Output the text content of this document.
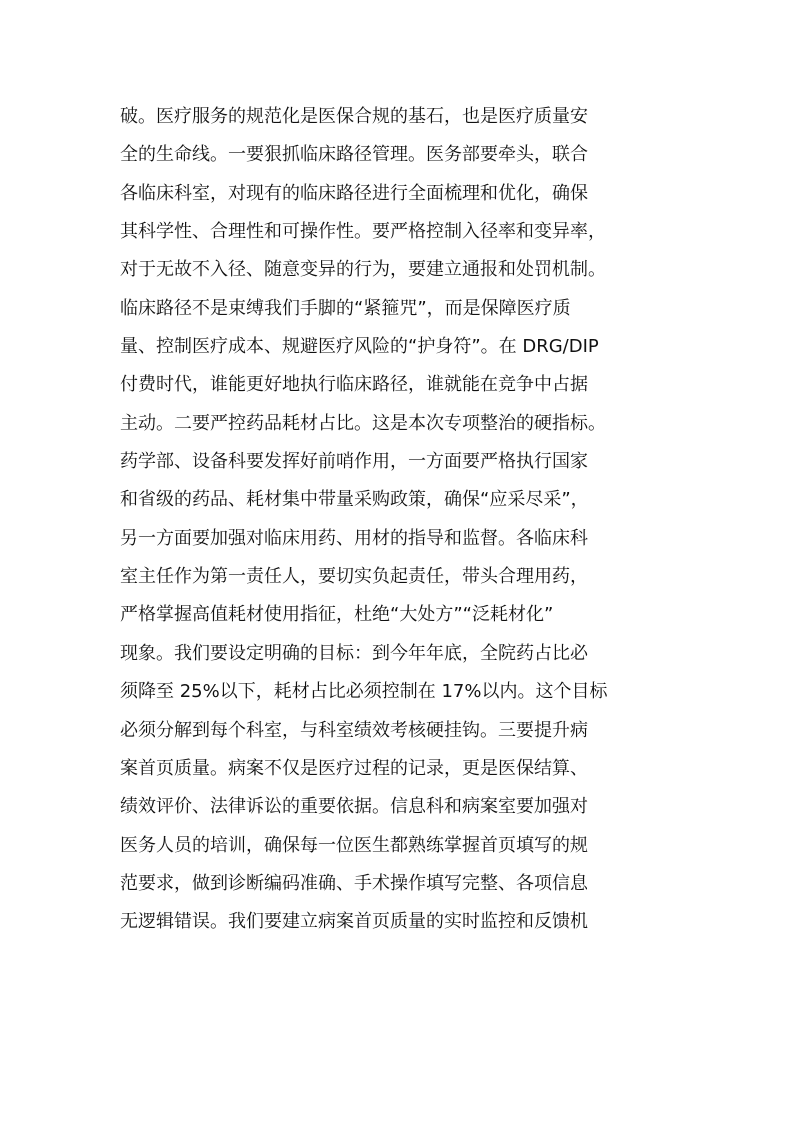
破。医疗服务的规范化是医保合规的基石，也是医疗质量安
全的生命线。一要狠抓临床路径管理。医务部要牵头，联合
各临床科室，对现有的临床路径进行全面梳理和优化，确保
其科学性、合理性和可操作性。要严格控制入径率和变异率，
对于无故不入径、随意变异的行为，要建立通报和处罚机制。
临床路径不是束缚我们手脚的“紧箍咒”，而是保障医疗质
量、控制医疗成本、规避医疗风险的“护身符”。在 DRG/DIP
付费时代，谁能更好地执行临床路径，谁就能在竞争中占据
主动。二要严控药品耗材占比。这是本次专项整治的硬指标。
药学部、设备科要发挥好前哨作用，一方面要严格执行国家
和省级的药品、耗材集中带量采购政策，确保“应采尽采”，
另一方面要加强对临床用药、用材的指导和监督。各临床科
室主任作为第一责任人，要切实负起责任，带头合理用药，
严格掌握高值耗材使用指征，杜绝“大处方”“泛耗材化”
现象。我们要设定明确的目标：到今年年底，全院药占比必
须降至 25%以下，耗材占比必须控制在 17%以内。这个目标
必须分解到每个科室，与科室绩效考核硬挂钩。三要提升病
案首页质量。病案不仅是医疗过程的记录，更是医保结算、
绩效评价、法律诉讼的重要依据。信息科和病案室要加强对
医务人员的培训，确保每一位医生都熟练掌握首页填写的规
范要求，做到诊断编码准确、手术操作填写完整、各项信息
无逻辑错误。我们要建立病案首页质量的实时监控和反馈机
